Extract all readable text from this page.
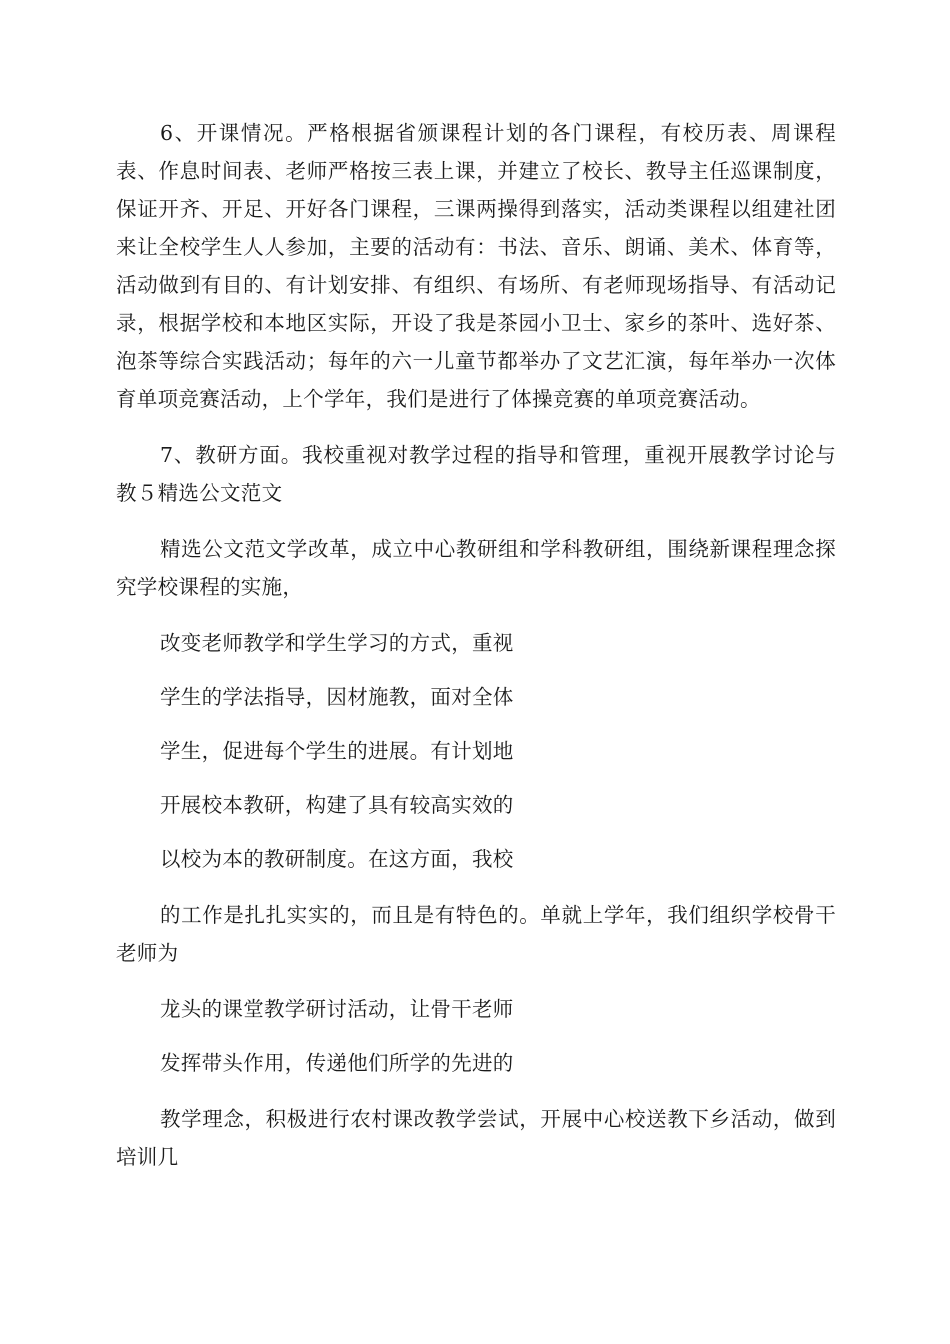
6、开课情况。严格根据省颁课程计划的各门课程，有校历表、周课程表、作息时间表、老师严格按三表上课，并建立了校长、教导主任巡课制度，保证开齐、开足、开好各门课程，三课两操得到落实，活动类课程以组建社团来让全校学生人人参加，主要的活动有：书法、音乐、朗诵、美术、体育等，活动做到有目的、有计划安排、有组织、有场所、有老师现场指导、有活动记录，根据学校和本地区实际，开设了我是茶园小卫士、家乡的茶叶、选好茶、泡茶等综合实践活动；每年的六一儿童节都举办了文艺汇演，每年举办一次体育单项竞赛活动，上个学年，我们是进行了体操竞赛的单项竞赛活动。

7、教研方面。我校重视对教学过程的指导和管理，重视开展教学讨论与教５精选公文范文

精选公文范文学改革，成立中心教研组和学科教研组，围绕新课程理念探究学校课程的实施，

改变老师教学和学生学习的方式，重视

学生的学法指导，因材施教，面对全体

学生，促进每个学生的进展。有计划地

开展校本教研，构建了具有较高实效的

以校为本的教研制度。在这方面，我校

的工作是扎扎实实的，而且是有特色的。单就上学年，我们组织学校骨干老师为

龙头的课堂教学研讨活动，让骨干老师

发挥带头作用，传递他们所学的先进的

教学理念，积极进行农村课改教学尝试，开展中心校送教下乡活动，做到培训几
